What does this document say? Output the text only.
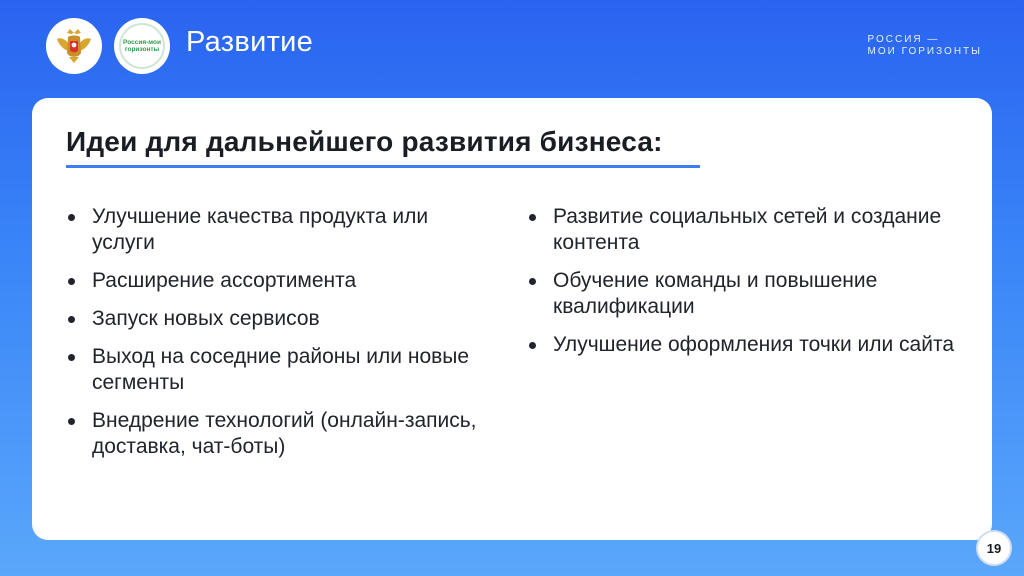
Россия-мои
горизонты Развитие	РОССИЯ —
МОИ ГОРИЗОНТЫ
Идеи для дальнейшего развития бизнеса:
Улучшение качества продукта или услуги
Расширение ассортимента
Запуск новых сервисов
Выход на соседние районы или новые сегменты
Внедрение технологий (онлайн-запись, доставка, чат-боты)
Развитие социальных сетей и создание контента
Обучение команды и повышение квалификации
Улучшение оформления точки или сайта
19
